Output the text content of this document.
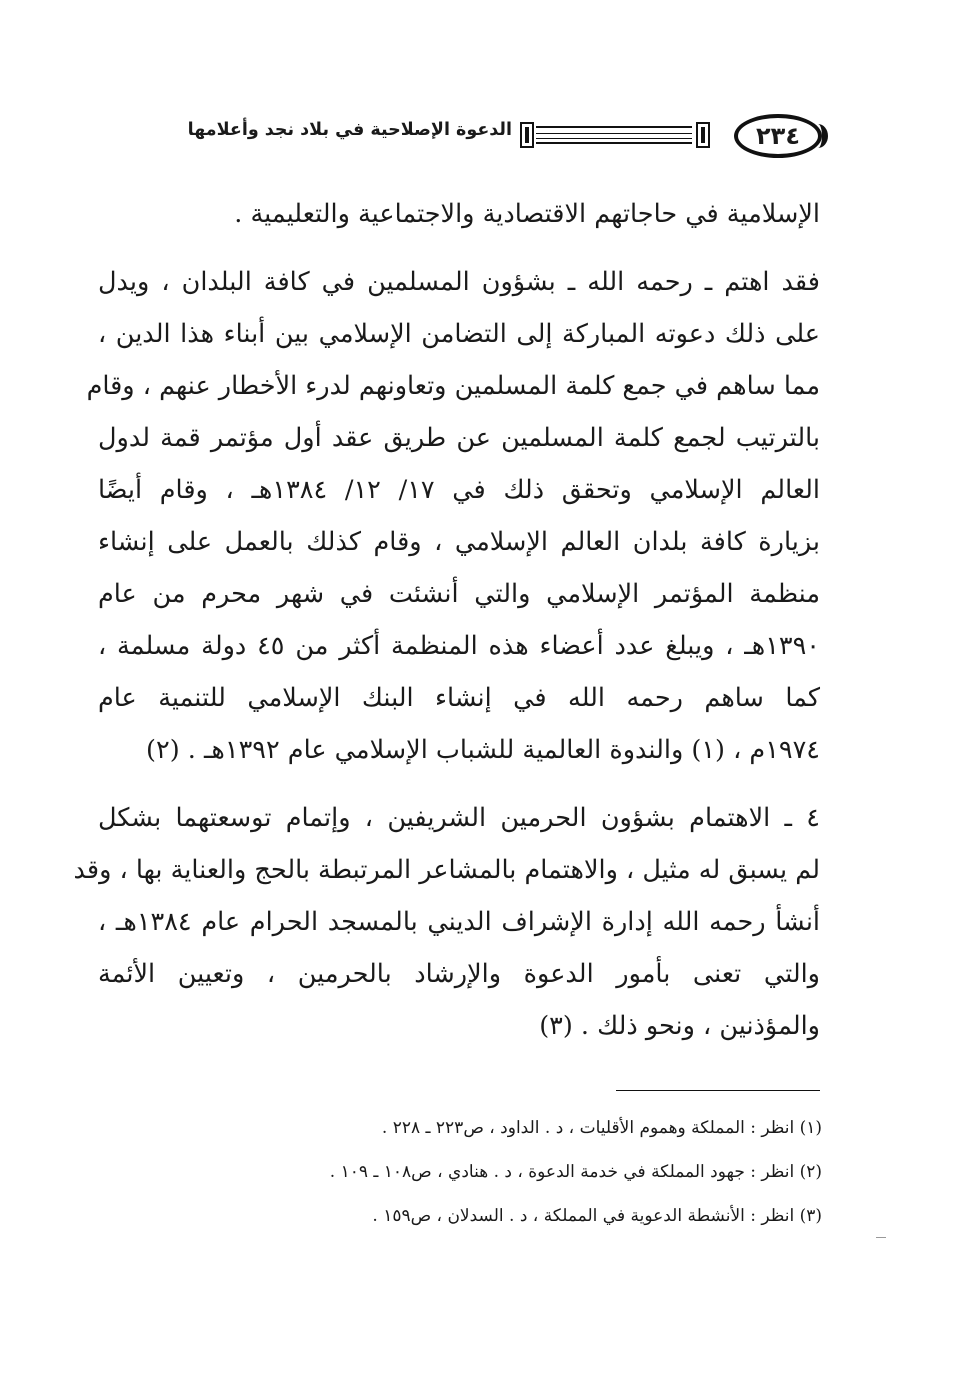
٢٣٤
الدعوة الإصلاحية في بلاد نجد وأعلامها
الإسلامية في حاجاتهم الاقتصادية والاجتماعية والتعليمية .
فقد اهتم ـ رحمه الله ـ بشؤون المسلمين في كافة البلدان ، ويدل
على ذلك دعوته المباركة إلى التضامن الإسلامي بين أبناء هذا الدين ،
مما ساهم في جمع كلمة المسلمين وتعاونهم لدرء الأخطار عنهم ، وقام
بالترتيب لجمع كلمة المسلمين عن طريق عقد أول مؤتمر قمة لدول
العالم الإسلامي وتحقق ذلك في ١٧/ ١٢/ ١٣٨٤هـ ، وقام أيضًا
بزيارة كافة بلدان العالم الإسلامي ، وقام كذلك بالعمل على إنشاء
منظمة المؤتمر الإسلامي والتي أنشئت في شهر محرم من عام
١٣٩٠هـ ، ويبلغ عدد أعضاء هذه المنظمة أكثر من ٤٥ دولة مسلمة ،
كما ساهم رحمه الله في إنشاء البنك الإسلامي للتنمية عام
١٩٧٤م ، (١) والندوة العالمية للشباب الإسلامي عام ١٣٩٢هـ . (٢)
٤ ـ الاهتمام بشؤون الحرمين الشريفين ، وإتمام توسعتهما بشكل
لم يسبق له مثيل ، والاهتمام بالمشاعر المرتبطة بالحج والعناية بها ، وقد
أنشأ رحمه الله إدارة الإشراف الديني بالمسجد الحرام عام ١٣٨٤هـ ،
والتي تعنى بأمور الدعوة والإرشاد بالحرمين ، وتعيين الأئمة
والمؤذنين ، ونحو ذلك . (٣)
(١) انظر : المملكة وهموم الأقليات ، د . الداود ، ص٢٢٣ ـ ٢٢٨ .
(٢) انظر : جهود المملكة في خدمة الدعوة ، د . هنادي ، ص١٠٨ ـ ١٠٩ .
(٣) انظر : الأنشطة الدعوية في المملكة ، د . السدلان ، ص١٥٩ .
